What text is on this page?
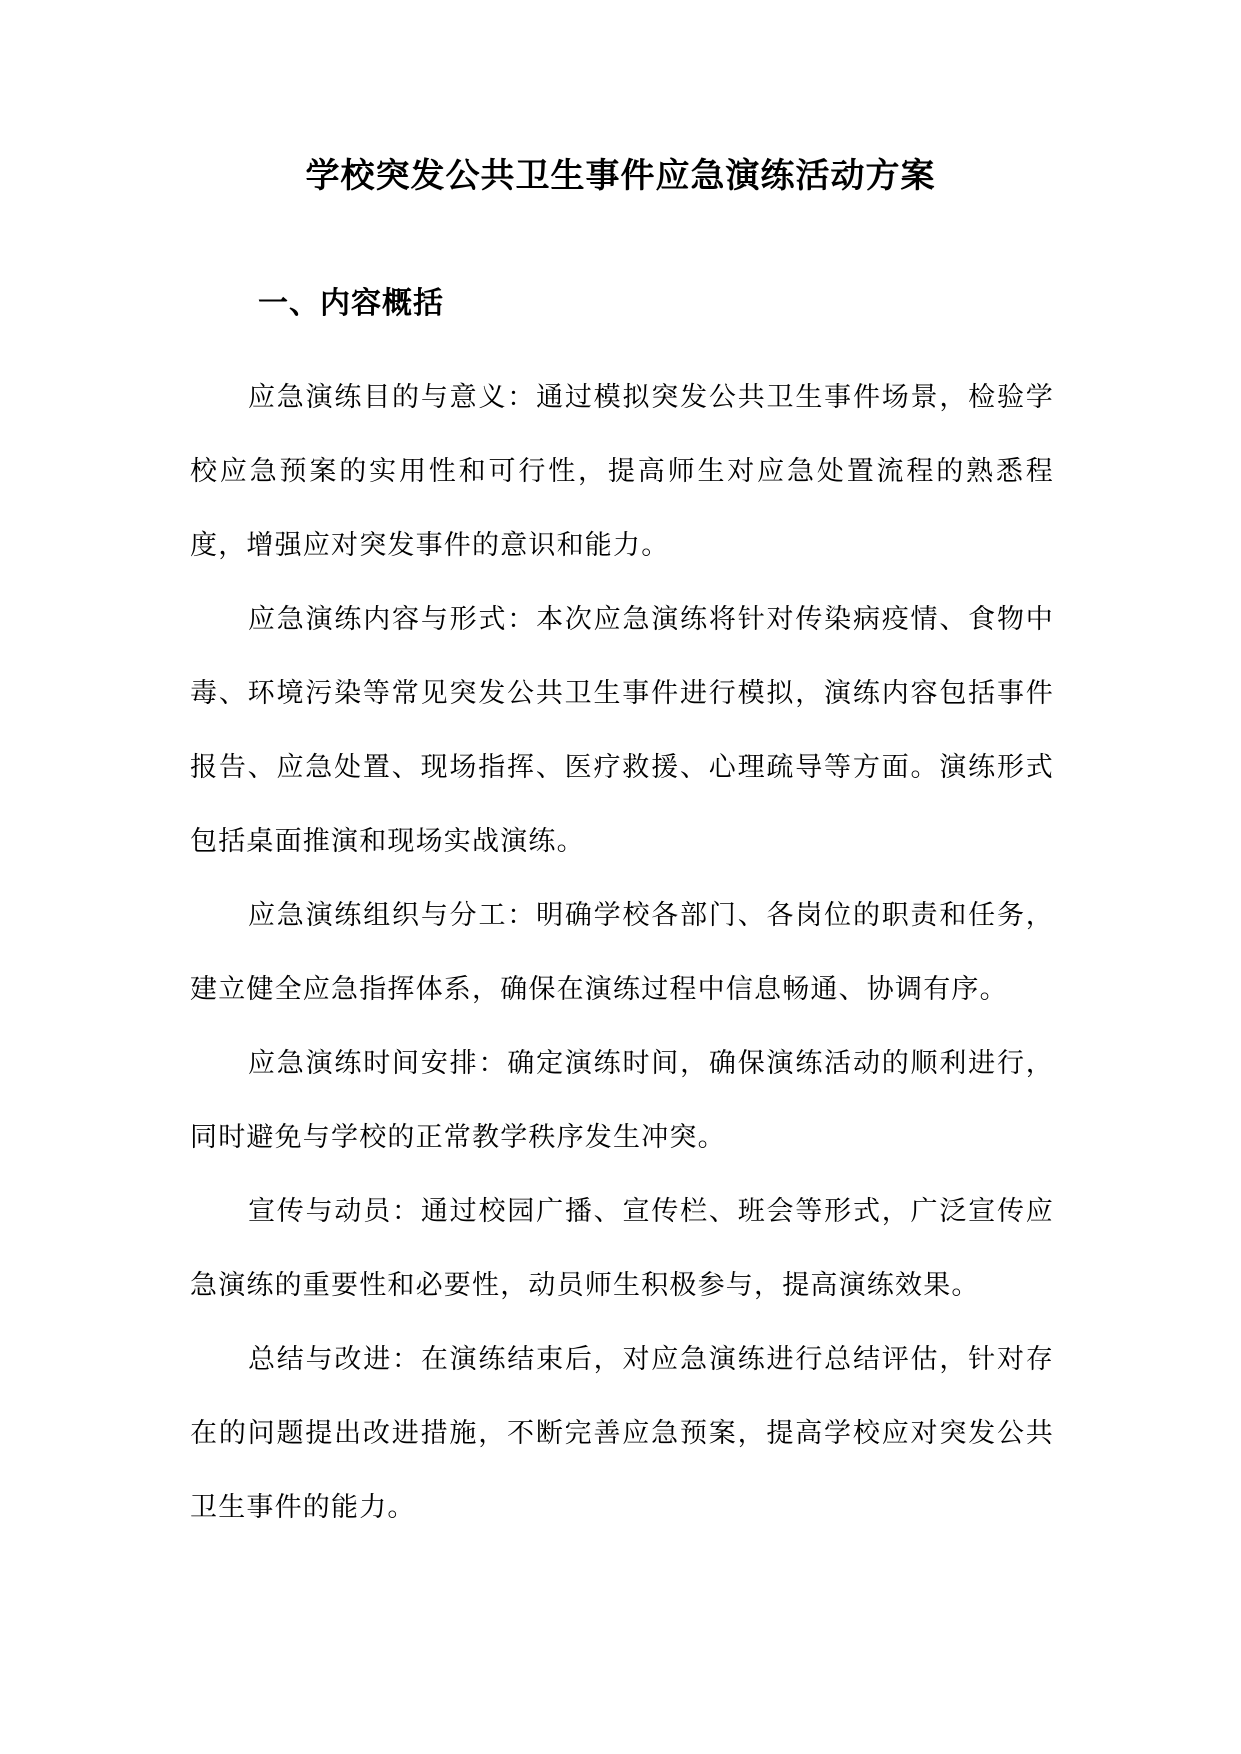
学校突发公共卫生事件应急演练活动方案
一、内容概括

应急演练目的与意义：通过模拟突发公共卫生事件场景，检验学校应急预案的实用性和可行性，提高师生对应急处置流程的熟悉程度，增强应对突发事件的意识和能力。

应急演练内容与形式：本次应急演练将针对传染病疫情、食物中毒、环境污染等常见突发公共卫生事件进行模拟，演练内容包括事件报告、应急处置、现场指挥、医疗救援、心理疏导等方面。演练形式包括桌面推演和现场实战演练。

应急演练组织与分工：明确学校各部门、各岗位的职责和任务，建立健全应急指挥体系，确保在演练过程中信息畅通、协调有序。

应急演练时间安排：确定演练时间，确保演练活动的顺利进行，同时避免与学校的正常教学秩序发生冲突。

宣传与动员：通过校园广播、宣传栏、班会等形式，广泛宣传应急演练的重要性和必要性，动员师生积极参与，提高演练效果。

总结与改进：在演练结束后，对应急演练进行总结评估，针对存在的问题提出改进措施，不断完善应急预案，提高学校应对突发公共卫生事件的能力。
